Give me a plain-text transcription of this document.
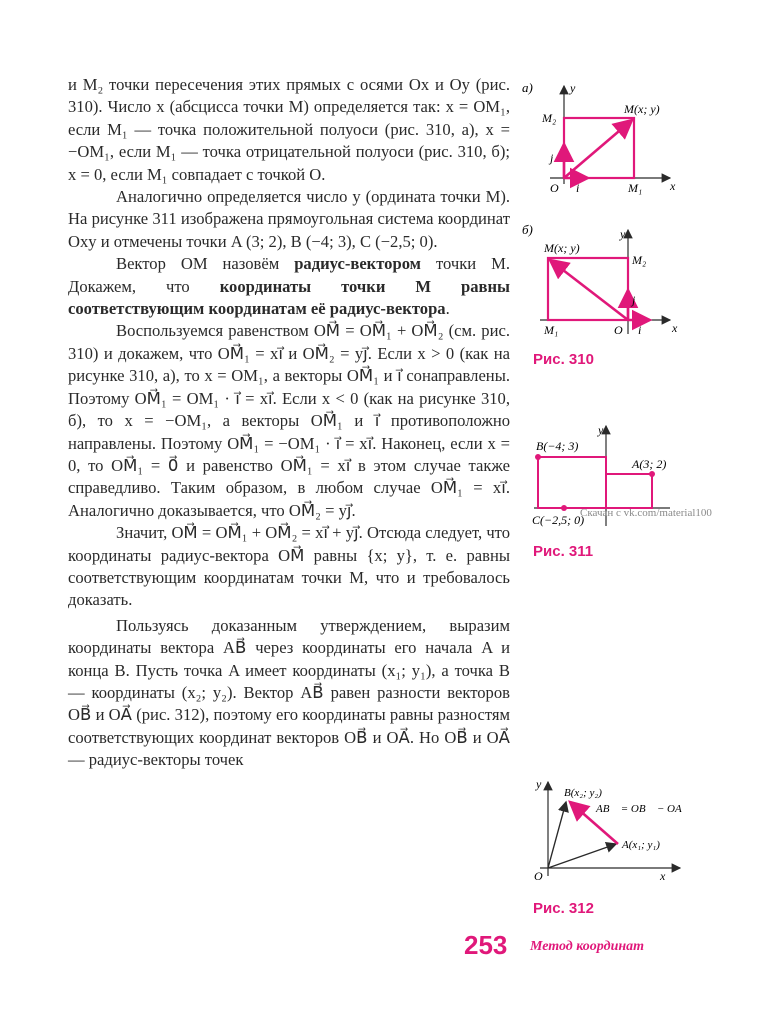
и M₂ точки пересечения этих прямых с осями Ox и Oy (рис. 310). Число x (абсцисса точки M) определяется так: x = OM₁, если M₁ — точка положительной полуоси (рис. 310, а), x = −OM₁, если M₁ — точка отрицательной полуоси (рис. 310, б); x = 0, если M₁ совпадает с точкой O.

Аналогично определяется число y (ордината точки M). На рисунке 311 изображена прямоугольная система координат Oxy и отмечены точки A (3; 2), B (−4; 3), C (−2,5; 0).

Вектор OM назовём радиус-вектором точки M. Докажем, что координаты точки M равны соответствующим координатам её радиус-вектора.

Воспользуемся равенством OM⃗ = OM⃗₁ + OM⃗₂ (см. рис. 310) и докажем, что OM⃗₁ = xi⃗ и OM⃗₂ = yj⃗. Если x > 0 (как на рисунке 310, а), то x = OM₁, а векторы OM⃗₁ и i⃗ сонаправлены. Поэтому OM⃗₁ = OM₁ · i⃗ = xi⃗. Если x < 0 (как на рисунке 310, б), то x = −OM₁, а векторы OM⃗₁ и i⃗ противоположно направлены. Поэтому OM⃗₁ = −OM₁ · i⃗ = xi⃗. Наконец, если x = 0, то OM⃗₁ = 0⃗ и равенство OM⃗₁ = xi⃗ в этом случае также справедливо. Таким образом, в любом случае OM⃗₁ = xi⃗. Аналогично доказывается, что OM⃗₂ = yj⃗.

Значит, OM⃗ = OM⃗₁ + OM⃗₂ = xi⃗ + yj⃗. Отсюда следует, что координаты радиус-вектора OM⃗ равны {x; y}, т. е. равны соответствующим координатам точки M, что и требовалось доказать.

Пользуясь доказанным утверждением, выразим координаты вектора AB⃗ через координаты его начала A и конца B. Пусть точка A имеет координаты (x₁; y₁), а точка B — координаты (x₂; y₂). Вектор AB⃗ равен разности векторов OB⃗ и OA⃗ (рис. 312), поэтому его координаты равны разностям соответствующих координат векторов OB⃗ и OA⃗. Но OB⃗ и OA⃗ — радиус-векторы точек

а)	y
x
M₂
M(x; y)
j⃗
O i⃗	M₁
б)	y
x
M(x; y)
M₂
j⃗
M₁	O i⃗
Рис. 310
y
B(−4; 3)
A(3; 2)
C(−2,5; 0)
Скачан с vk.com/material100
Рис. 311
y
B(x₂; y₂)
AB⃗ = OB⃗ − OA⃗
A(x₁; y₁)
O	x
Рис. 312
253 Метод координат
